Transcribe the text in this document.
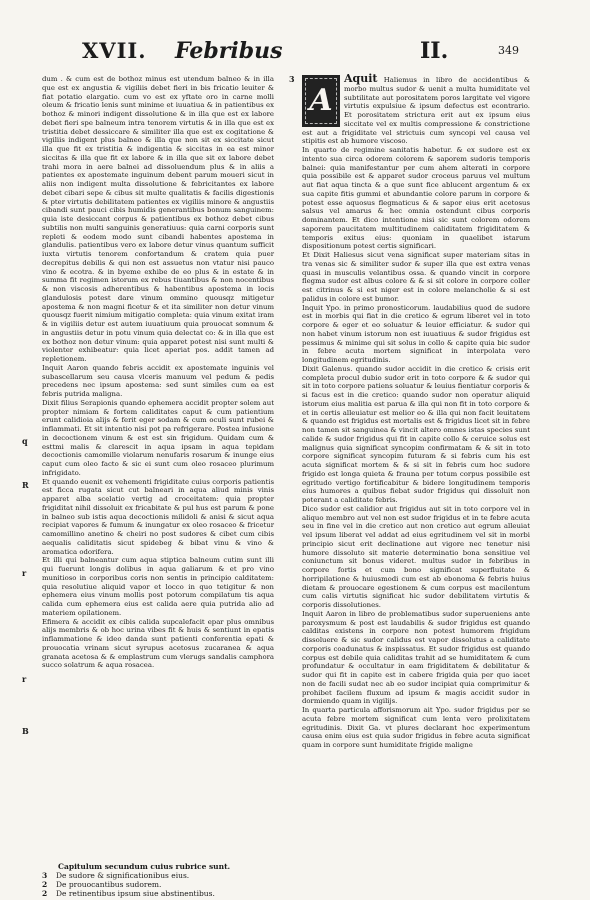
XVII. Febribus	II.	349
q
R
r
r
B

dum . & cum est de bothoz minus est utendum balneo & in illa que est ex angustia & vigiliis debet fieri in bis fricatio leuiter & fiat potatio elargatio. cum vo est ex yftate oro in carne molli oleum & fricatio lenis sunt minime et iuuatiua & in patientibus ex bothoz & minori indigent dissolutione & in illa que est ex labore debet fieri spe balneum intra tenorem virtutis & in illa que est ex tristitia debet dessiccare & similiter illa que est ex cogitatione & vigiliis indigent plus balneo & illa que non sit ex siccitate sicut illa que fit ex tristitia & indigentia & siccitas in ea est minor siccitas & illa que fit ex labore & in illa que sit ex labore debet trahi mora in aere balnei ad dissoluendum plus & in aliis a patientes ex apostemate inguinum debent parum moueri sicut in aliis non indigent multa dissolutione & febricitantes ex labore debet cibari sepe & cibus sit multe qualitatis & facilis digestionis & pter virtutis debilitatem patientes ex vigiliis minore & angustiis cibandi sunt pauci cibis humidis generantibus bonum sanguinem: quia iste desiccant corpus & patientibus ex bothoz debet cibus subtilis non multi sanguinis generatiuus: quia carni corporis sunt repleti & eodem modo sunt cibandi habentes apostema in glandulis. patientibus vero ex labore detur vinus quantum sufficit iuxta virtutis tenorem confortandum & cratem quia puer decrepitus debilis & qui non est assuetus non vtatur nisi pauco vino & ecotra. & in byeme exhibe de eo plus & in estate & in summa fit regimen istorum ex rebus tiuantibus & non nocentibus & non viscosis adherentibus & habentibus apostema in locis glandulosis potest dare vinum ommino quousqz mitigetur apostema & non magni ficetur & et ita similiter non detur vinum quousqz fuerit nimium mitigatio completa: quia vinum exitat iram & in vigiliis detur est autem iuuatiuum quia prouocat somnum & in angustiis detur in potu vinum quia delectat co: & in illa que est ex bothoz non detur vinum: quia apparet potest nisi sunt multi & violenter exhibeatur: quia licet aperiat pos. addit tamen ad repletionem.

Inquit Aaron quando febris accidit ex apostemate inguinis vel subascellarum seu causa vlceris manuum vel pedum & pedis precedens nec ipsum apostema: sed sunt similes cum ea est febris putrida maligna.

Dixit filius Serapionis quando ephemera accidit propter solem aut propter nimiam & fortem caliditates caput & cum patientium erunt calidioia alijs & ferit eger sodam & cum oculi sunt rubei & inflammati. Et sit intentio nisi pot pa refrigerare. Postea infusione in decoctionem vinum & est est sin frigidum. Quidam cum & esttmi malis & clarescit in aqua ipsam in aqua tepidam decoctionis camomille violarum nenufaris rosarum & inunge eius caput cum oleo facto & sic ei sunt cum oleo rosaceo plurimum infrigidato.

Et quando euenit ex vehementi frigiditate cuius corporis patientis est ficca rugata sicut cut balneari in aqua aliud minis vinis apparet alba scelatio vertig ad croceitatem: quia propter frigiditat nihil dissoluit ex fricabitate & pul hus est parum & pone in balneo sub istis aqua decoctionis milidoli & anisi & sicut aqua recipiat vapores & fumum & inungatur ex oleo rosaceo & fricetur camomillino anetino & cheiri no post sudores & cibet cum cibis aequalis caliditatis sicut spidebeg & bibat vinu & vino & aromatica odorifera.

Et illi qui balneantur cum aqua stiptica balneum cutim sunt illi qui fuerunt longis dolibus in aqua galiarum & et pro vino munitioso in corporibus coris non sentis in principio calditatem: quia resolutiue aliquid vapor et locco in quo tetigitur & non ephemera eius vinum mollis post potorum compilatum tis aqua calida cum ephemera eius est calida aere quia putrida alio ad materiem opilationem.

Efimera & accidit ex cibis calida supcalefacit epar plus omnibus alijs membris & ob hoc urina vibes fit & huis & sentiunt in epatis inflammatione & ideo danda sunt patienti conferentia epati & prouocatia vrinam sicut syrupus acetosus zucaranea & aqua granata acetosa & & emplastrum cum vlerugs sandalis camphora succo solatrum & aqua rosacea.

Capitulum secundum cuius rubrice sunt.
3	De sudore & significationibus eius.
2	De prouocantibus sudorem.
2	De retinentibus ipsum siue abstinentibus.
3
A

Aquit Haliemus in libro de accidentibus & morbo multus sudor & uenit a multa humiditate vel subtilitate aut porositatem poros largitate vel vigore virtutis expulsiue & ipsum defectus est econtrario. Et porositatem strictura erit aut ex ipsum eius siccitate vel ex multis compressione & constrictione est aut a frigiditate vel strictuis cum syncopi vel causa vel stipitis est ab humore viscoso.

In quarto de regimine sanitatis habetur. & ex sudore est ex intento sua circa odorem colorem & saporem sudoris temporis balnei: quia manifestantur per cum ahem alterati in corpore quia possibile est & apparet sudor croceus paruus vel multum aut fiat aqua tincta & a que sunt fice ablucent argentum & ex sua capite fitis gummi et abundantie colore parum in corpore & potest esse aquosus flegmaticus & & sapor eius erit acetosus salsus vel amarus & hec omnia ostendunt cibus corporis dominantem. Et dico intentione nisi sic sunt colorem odorem saporem paucitatem multitudinem caliditatem frigiditatem & temporis exitus eius: quoniam in quaelibet istarum dispositionum potest certis significari.

Et Dixit Haliesus sicut vena significat super materiam sitas in tra venas sic & similiter sudor & super illa que est extra venas quasi in musculis velantibus ossa. & quando vincit in corpore flegma sudor est albus colore & & si sit colore in corpore coller est citrinus & si est niger est in colore melancholie & si est palidus in colore est bumor.

Inquit Ypo. in primo pronosticorum. laudabilius quod de sudore est in morbis qui fiat in die cretico & egrum liberet vel in toto corpore & eger et eo soluatur & leuior efficiatur. & sudor qui non habet vinum istorum non est iuuatiuus & sudor frigidus est pessimus & minime qui sit solus in collo & capite quia bic sudor in febre acuta mortem significat in interpolata vero longitudinem egritudinis.

Dixit Galenus. quando sudor accidit in die cretico & crisis erit completa procul dubio sudor erit in toto corpore & & sudor qui sit in toto corpore patiens soluatur & leuius fientiatur corporis & si facus est in die cretico: quando sudor non operatur aliquid istorum eius malitia est parua & illa qui non fit in toto corpore & et in certis alleuiatur est melior eo & illa qui non facit leuitatem & quando est frigidus est mortalis est & frigidus licet sit in febre non tamen sit sanguinea & vincit altero omnes istas species sunt calide & sudor frigidus qui fit in capite collo & ceruice solus est malignus quia significat syncopim confirmatam & & sit in toto corpore significat syncopim futuram & si febris cum his est acuta significat mortem & & si sit in febris cum hoc sudore frigido est longa quieta & frauna per totum corpus possibile est egritudo vertigo fortificabitur & bidere longitudinem temporis eius humores a quibus fiebat sudor frigidus qui dissoluit non poterant a caliditate febris.

Dico sudor est calidior aut frigidus aut sit in toto corpore vel in aliquo membro aut vel non est sudor frigidus et in te febre acuta seu in fine vel in die cretico aut non cretico aut egrum alleuiat vel ipsum liberat vel addat ad eius egritudinem vel sit in morbi principio sicut erit declinatione aut vigore nec tenetur nisi humore dissoluto sit materie determinatio bona sensitiue vel coniunctum sit bonus videret. multus sudor in febribus in corpore fortis et cum bono significat superfluitate & horripilatione & huiusmodi cum est ab ebonoma & febris huius dietam & prouocare egestionem & cum corpus est macilentum cum calis virtutis significat hic sudor debilitatem virtutis & corporis dissolutiones.

Inquit Aaron in libro de problematibus sudor superueniens ante paroxysmum & post est laudabilis & sudor frigidus est quando calditas existens in corpore non potest humorem frigidum dissoluere & sic sudor calidus est vapor dissolutus a caliditate corporis coadunatus & inspissatus. Et sudor frigidus est quando corpus est debile quia caliditas trahit ad se humiditatem & cum profundatur & occultatur in eam frigiditatem & debilitatur & sudor qui fit in capite est in cabere frigida quia per quo iacet non de facili sudat nec ab eo sudor incipiat quia comprimitur & prohibet facilem fluxum ad ipsum & magis accidit sudor in dormiendo quam in vigilijs.

In quarta particula afforismorum ait Ypo. sudor frigidus per se acuta febre mortem significat cum lenta vero prolixitatem egritudinis. Dixit Ga. vt plures declarant hoc experimentum causa enim eius est quia sudor frigidus in febre acuta significat quam in corpore sunt humiditate frigide maligne
